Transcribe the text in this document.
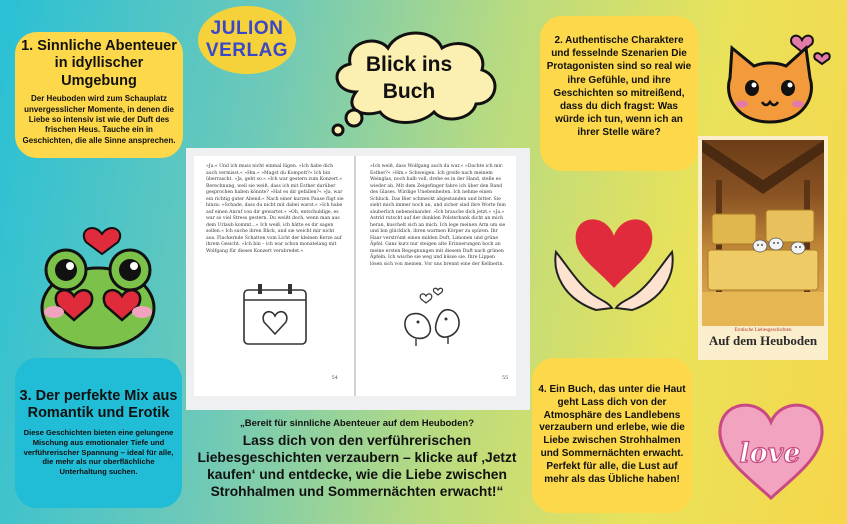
JULION
VERLAG
Blick ins
Buch
1. Sinnliche Abenteuer in idyllischer Umgebung

Der Heuboden wird zum Schauplatz unvergesslicher Momente, in denen die Liebe so intensiv ist wie der Duft des frischen Heus. Tauche ein in Geschichten, die alle Sinne ansprechen.

2. Authentische Charaktere und fesselnde Szenarien Die Protagonisten sind so real wie ihre Gefühle, und ihre Geschichten so mitreißend, dass du dich fragst: Was würde ich tun, wenn ich an ihrer Stelle wäre?

3. Der perfekte Mix aus Romantik und Erotik

Diese Geschichten bieten eine gelungene Mischung aus emotionaler Tiefe und verführerischer Spannung – ideal für alle, die mehr als nur oberflächliche Unterhaltung suchen.

4. Ein Buch, das unter die Haut geht Lass dich von der Atmosphäre des Landlebens verzaubern und erlebe, wie die Liebe zwischen Strohhalmen und Sommernächten erwacht. Perfekt für alle, die Lust auf mehr als das Übliche haben!

»Ja.« Und ich muss nicht einmal lügen. »Ich habe dich auch vermisst.« »Hm.« »Magst du Kompott?« Ich bin überrascht. »Ja, geht so.« »Ich war gestern zum Konzert.« Berechnung, weil sie weiß, dass ich mit Esther darüber gesprochen haben könnte? »Hat es dir gefallen?« »Ja, war ein richtig guter Abend.« Nach einer kurzen Pause fügt sie hinzu: »Schade, dass du nicht mit dabei warst.« »Ich habe auf einen Anruf von dir gewartet.« »Oh, entschuldige, es war so viel Stress gestern. Du weißt doch, wenn man aus dem Urlaub kommt…« Ich weiß, ich hätte es dir sagen sollen.« Ich suche ihren Blick, und sie weicht mir nicht aus. Flackernde Schatten vom Licht der kleinen Kerze auf ihrem Gesicht. »Ich bin – ich war schon monatelang mit Wolfgang für dieses Konzert verabredet.«
54
»Ich weiß, dass Wolfgang auch da war.« »Dachte ich mir. Esther?« »Hm.« Schweigen. Ich greife nach meinem Weinglas, noch halb voll, drehe es in der Hand, stelle es wieder ab. Mit dem Zeigefinger fahre ich über den Rand des Glases. Wirdige Unebenheiten. Ich nehme einen Schluck. Das Bier schmeckt abgestanden und bitter. Sie sieht mich immer noch an, und sicher sind ihre Worte fein säuberlich nebeneinander. »Ich brauche dich jetzt.« »Ja.« Astrid rutscht auf der dunklen Polsterbank dicht an mich heran, kuschelt sich an mich. Ich lege meinen Arm um sie und bin glücklich, ihren warmen Körper zu spüren. Ihr Haar verströmt einen milden Duft, Limonen und grüne Äpfel. Ganz kurz nur steigen alte Erinnerungen hoch an meine ersten Begegnungen mit diesem Duft nach grünen Äpfeln. Ich wische sie weg und küsse sie. Ihre Lippen lösen sich von meinen. Vor uns brennt eine der Kellnerin.
55
„Bereit für sinnliche Abenteuer auf dem Heuboden?
Lass dich von den verführerischen Liebesgeschichten verzaubern – klicke auf ‚Jetzt kaufen‘ und entdecke, wie die Liebe zwischen Strohhalmen und Sommernächten erwacht!“
Erotische Liebesgeschichten
Auf dem Heuboden
love
